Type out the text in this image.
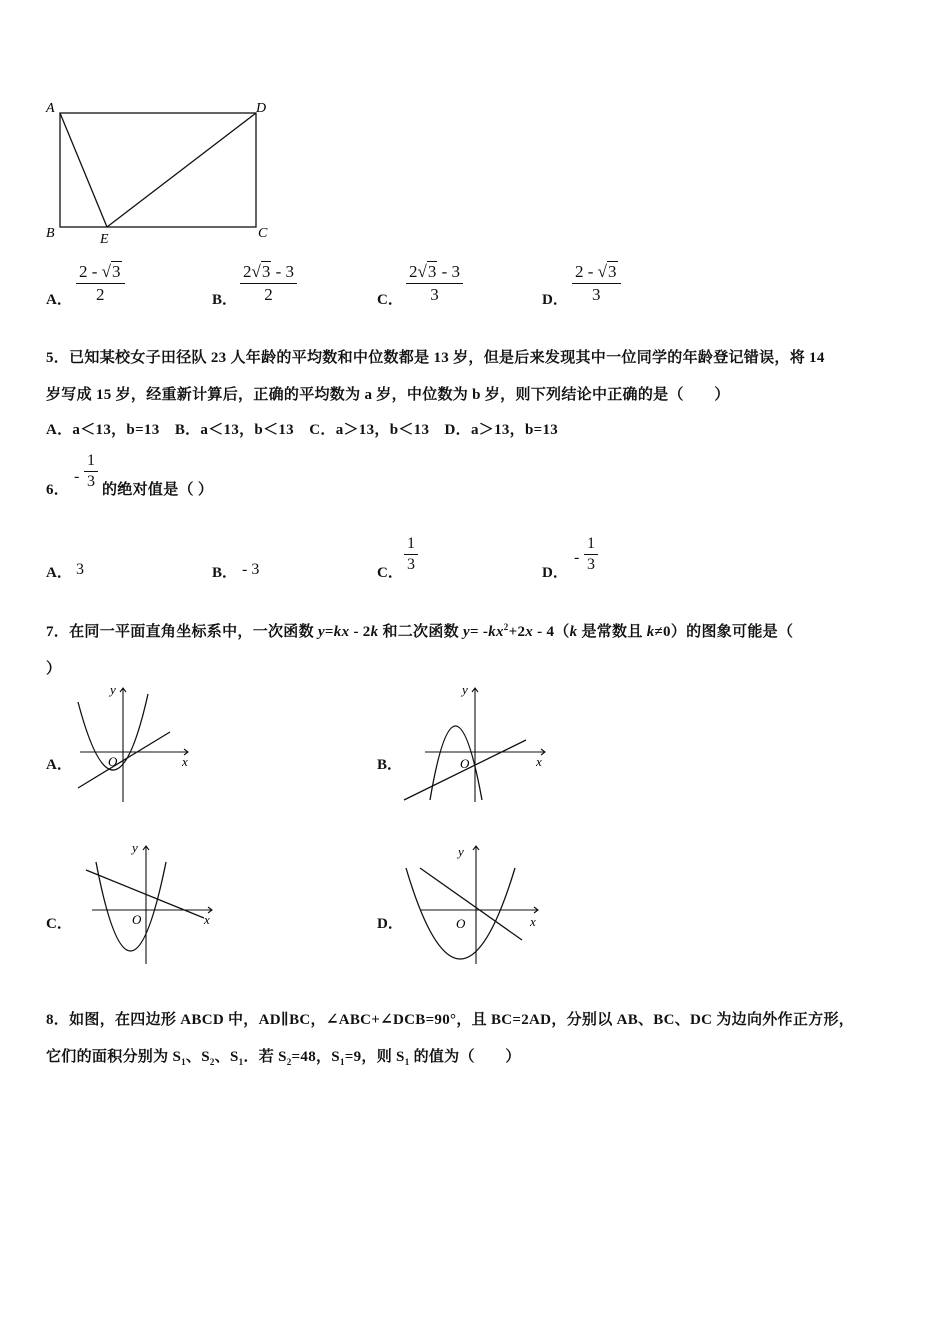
A	D
B	C
E
A．
2 - √3
2	B．
2√3 - 3
2	C．
2√3 - 3
3	D．
2 - √3
3
5．已知某校女子田径队 23 人年龄的平均数和中位数都是 13 岁，但是后来发现其中一位同学的年龄登记错误，将 14
岁写成 15 岁，经重新计算后，正确的平均数为 a 岁，中位数为 b 岁，则下列结论中正确的是（　　）
A．a＜13，b=13　B．a＜13，b＜13　C．a＞13，b＜13　D．a＞13，b=13
6．
-
1
3 的绝对值是（ ）
A． 3	B． - 3	C．
1
3	D．
-
1
3
7．在同一平面直角坐标系中，一次函数 y=kx - 2k 和二次函数 $y= -kx^2+2x - 4(k$ 是常数且 k≠0）的图象可能是（
）
A．	B．
C．	D．
x
y
O	x
y
O
x
y
O	x
y
O
8．如图，在四边形 ABCD 中，AD∥BC，∠ABC+∠DCB=90°，且 BC=2AD，分别以 AB、BC、DC 为边向外作正方形，
它们的面积分别为 $S_1$、$S_2$、$S_1$．若 $S_2=48$，$S_1=9$，则 $S_1$ 的值为（　　）
